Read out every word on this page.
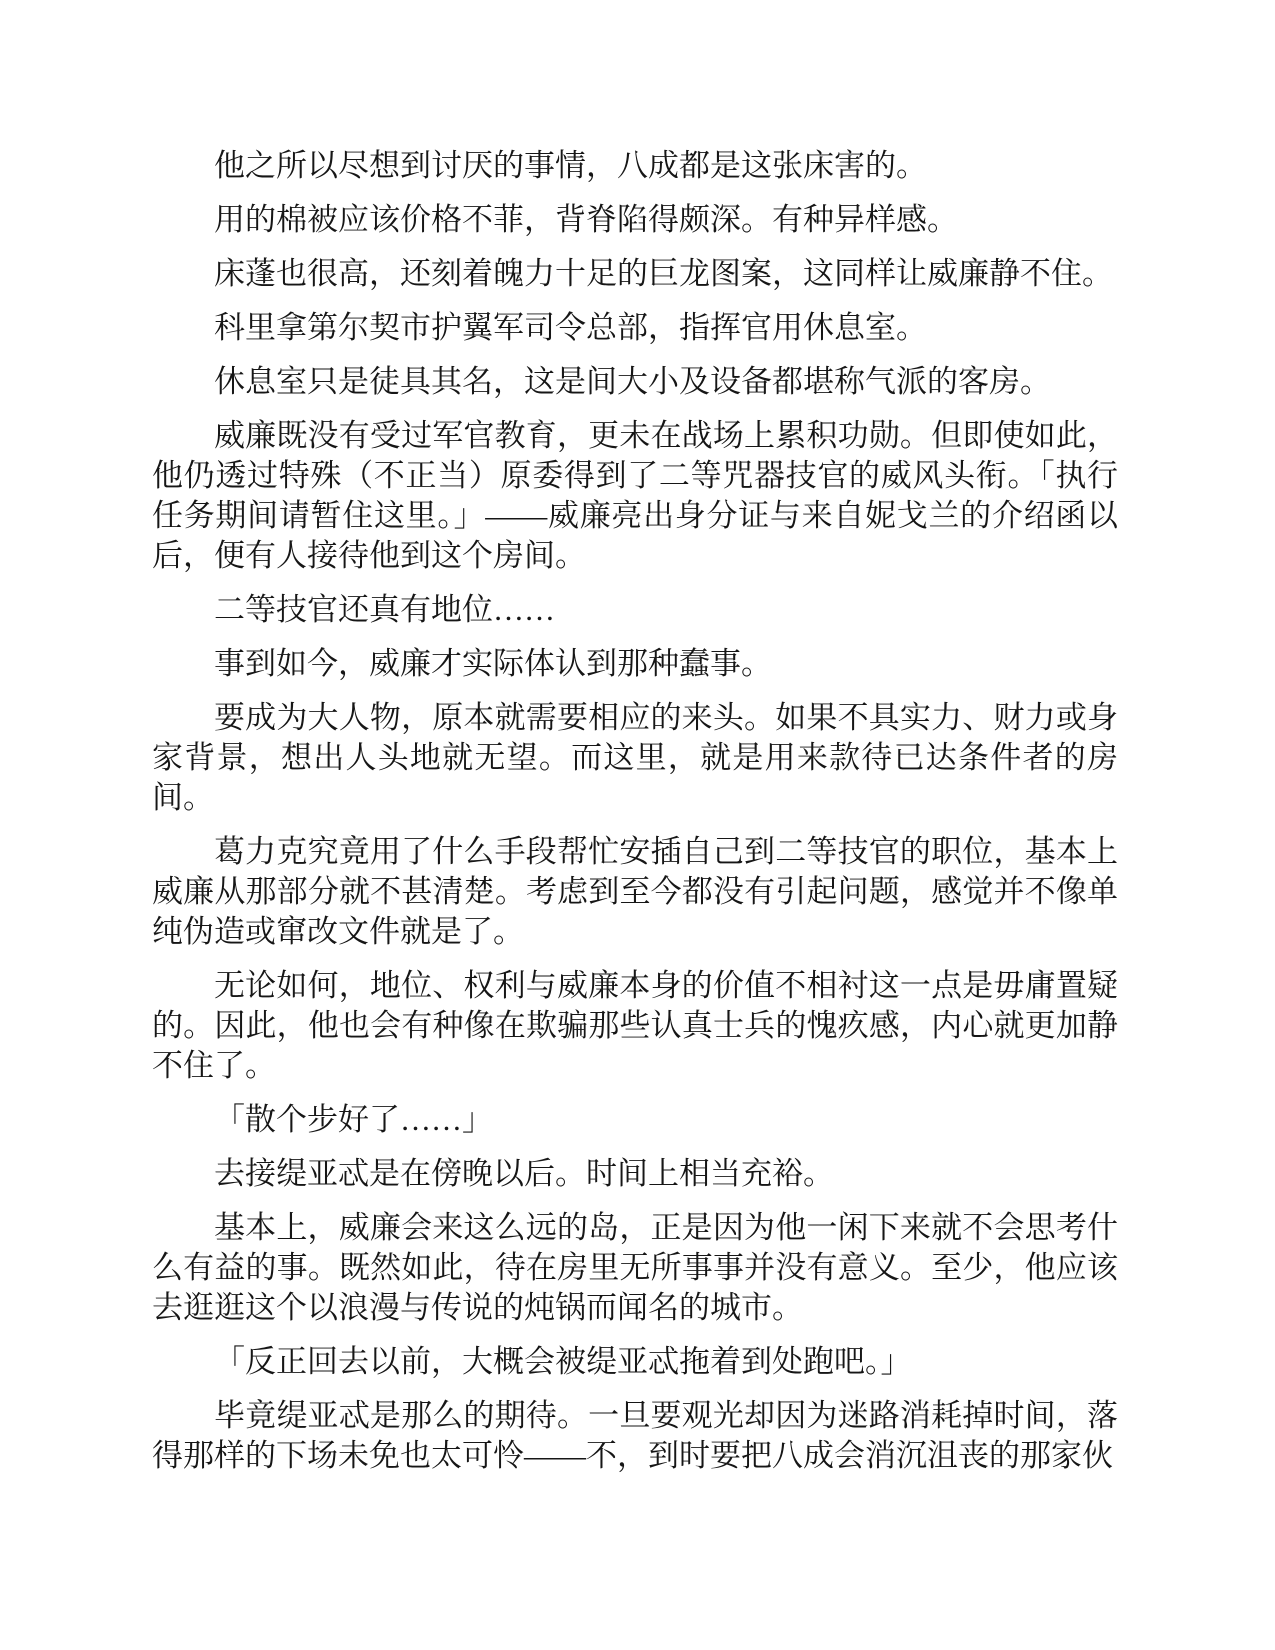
他之所以尽想到讨厌的事情，八成都是这张床害的。

用的棉被应该价格不菲，背脊陷得颇深。有种异样感。

床蓬也很高，还刻着魄力十足的巨龙图案，这同样让威廉静不住。

科里拿第尔契市护翼军司令总部，指挥官用休息室。

休息室只是徒具其名，这是间大小及设备都堪称气派的客房。

威廉既没有受过军官教育，更未在战场上累积功勋。但即使如此，他仍透过特殊（不正当）原委得到了二等咒器技官的威风头衔。「执行任务期间请暂住这里。」——威廉亮出身分证与来自妮戈兰的介绍函以后，便有人接待他到这个房间。

二等技官还真有地位……

事到如今，威廉才实际体认到那种蠢事。

要成为大人物，原本就需要相应的来头。如果不具实力、财力或身家背景，想出人头地就无望。而这里，就是用来款待已达条件者的房间。

葛力克究竟用了什么手段帮忙安插自己到二等技官的职位，基本上威廉从那部分就不甚清楚。考虑到至今都没有引起问题，感觉并不像单纯伪造或窜改文件就是了。

无论如何，地位、权利与威廉本身的价值不相衬这一点是毋庸置疑的。因此，他也会有种像在欺骗那些认真士兵的愧疚感，内心就更加静不住了。

「散个步好了……」

去接缇亚忒是在傍晚以后。时间上相当充裕。

基本上，威廉会来这么远的岛，正是因为他一闲下来就不会思考什么有益的事。既然如此，待在房里无所事事并没有意义。至少，他应该去逛逛这个以浪漫与传说的炖锅而闻名的城市。

「反正回去以前，大概会被缇亚忒拖着到处跑吧。」

毕竟缇亚忒是那么的期待。一旦要观光却因为迷路消耗掉时间，落得那样的下场未免也太可怜——不，到时要把八成会消沉沮丧的那家伙
